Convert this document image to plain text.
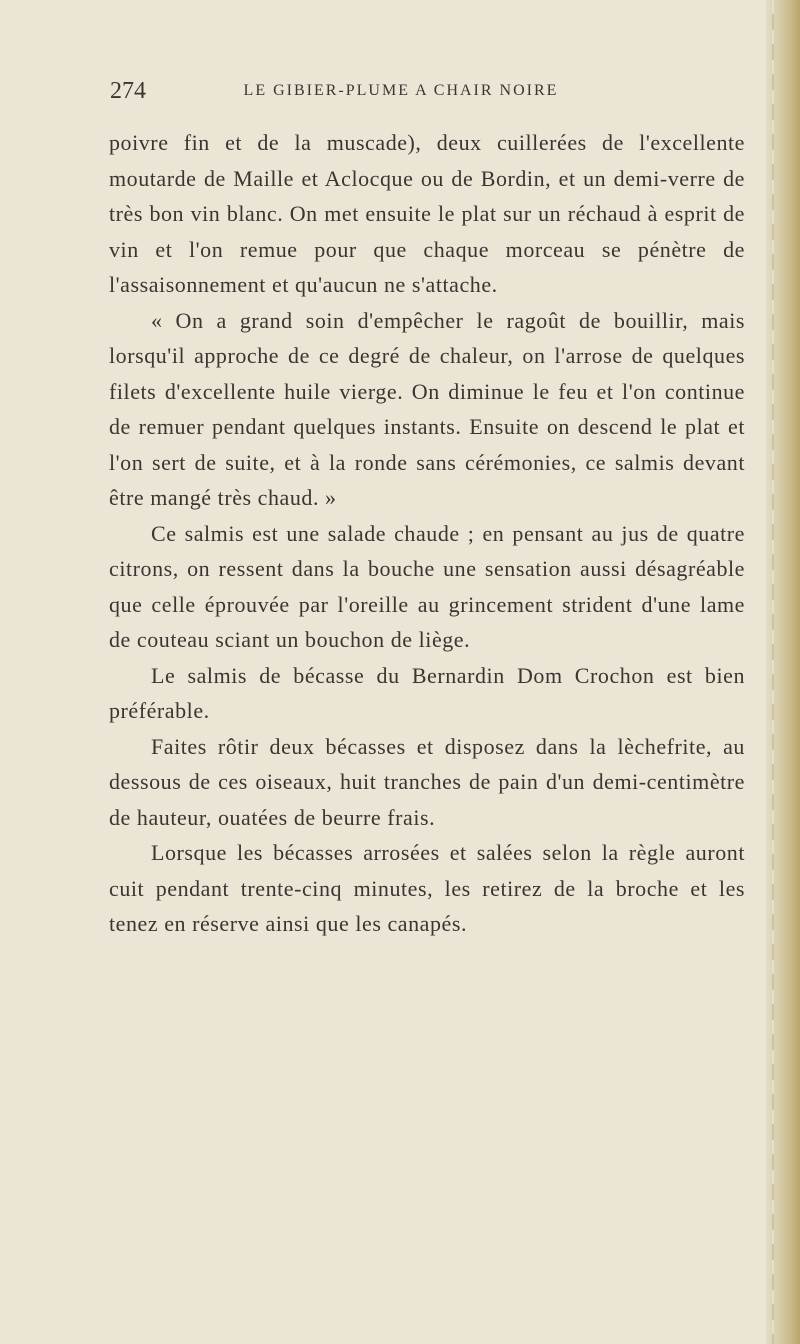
274	LE GIBIER-PLUME A CHAIR NOIRE

poivre fin et de la muscade), deux cuillerées de l'excellente moutarde de Maille et Aclocque ou de Bordin, et un demi-verre de très bon vin blanc. On met ensuite le plat sur un réchaud à esprit de vin et l'on remue pour que chaque morceau se pénètre de l'assaisonnement et qu'aucun ne s'attache.

« On a grand soin d'empêcher le ragoût de bouillir, mais lorsqu'il approche de ce degré de chaleur, on l'arrose de quelques filets d'excellente huile vierge. On diminue le feu et l'on continue de remuer pendant quelques instants. Ensuite on descend le plat et l'on sert de suite, et à la ronde sans cérémonies, ce salmis devant être mangé très chaud. »

Ce salmis est une salade chaude ; en pensant au jus de quatre citrons, on ressent dans la bouche une sensation aussi désagréable que celle éprouvée par l'oreille au grincement strident d'une lame de couteau sciant un bouchon de liège.

Le salmis de bécasse du Bernardin Dom Crochon est bien préférable.

Faites rôtir deux bécasses et disposez dans la lèchefrite, au dessous de ces oiseaux, huit tranches de pain d'un demi-centimètre de hauteur, ouatées de beurre frais.

Lorsque les bécasses arrosées et salées selon la règle auront cuit pendant trente-cinq minutes, les retirez de la broche et les tenez en réserve ainsi que les canapés.
